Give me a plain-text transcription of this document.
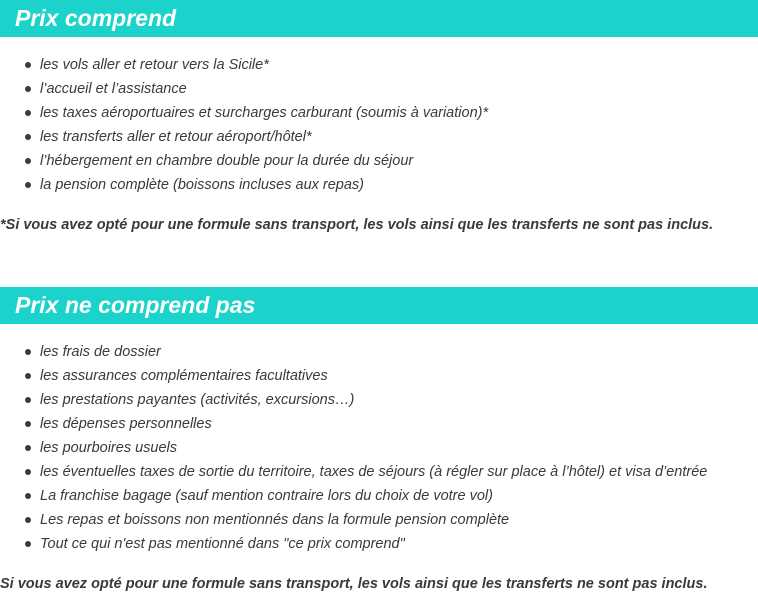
Prix comprend
les vols aller et retour vers la Sicile*
l’accueil et l’assistance
les taxes aéroportuaires et surcharges carburant (soumis à variation)*
les transferts aller et retour aéroport/hôtel*
l’hébergement en chambre double pour la durée du séjour
la pension complète (boissons incluses aux repas)

*Si vous avez opté pour une formule sans transport, les vols ainsi que les transferts ne sont pas inclus.

Prix ne comprend pas
les frais de dossier
les assurances complémentaires facultatives
les prestations payantes (activités, excursions…)
les dépenses personnelles
les pourboires usuels
les éventuelles taxes de sortie du territoire, taxes de séjours (à régler sur place à l’hôtel) et visa d’entrée
La franchise bagage (sauf mention contraire lors du choix de votre vol)
Les repas et boissons non mentionnés dans la formule pension complète
Tout ce qui n'est pas mentionné dans "ce prix comprend"

Si vous avez opté pour une formule sans transport, les vols ainsi que les transferts ne sont pas inclus.
